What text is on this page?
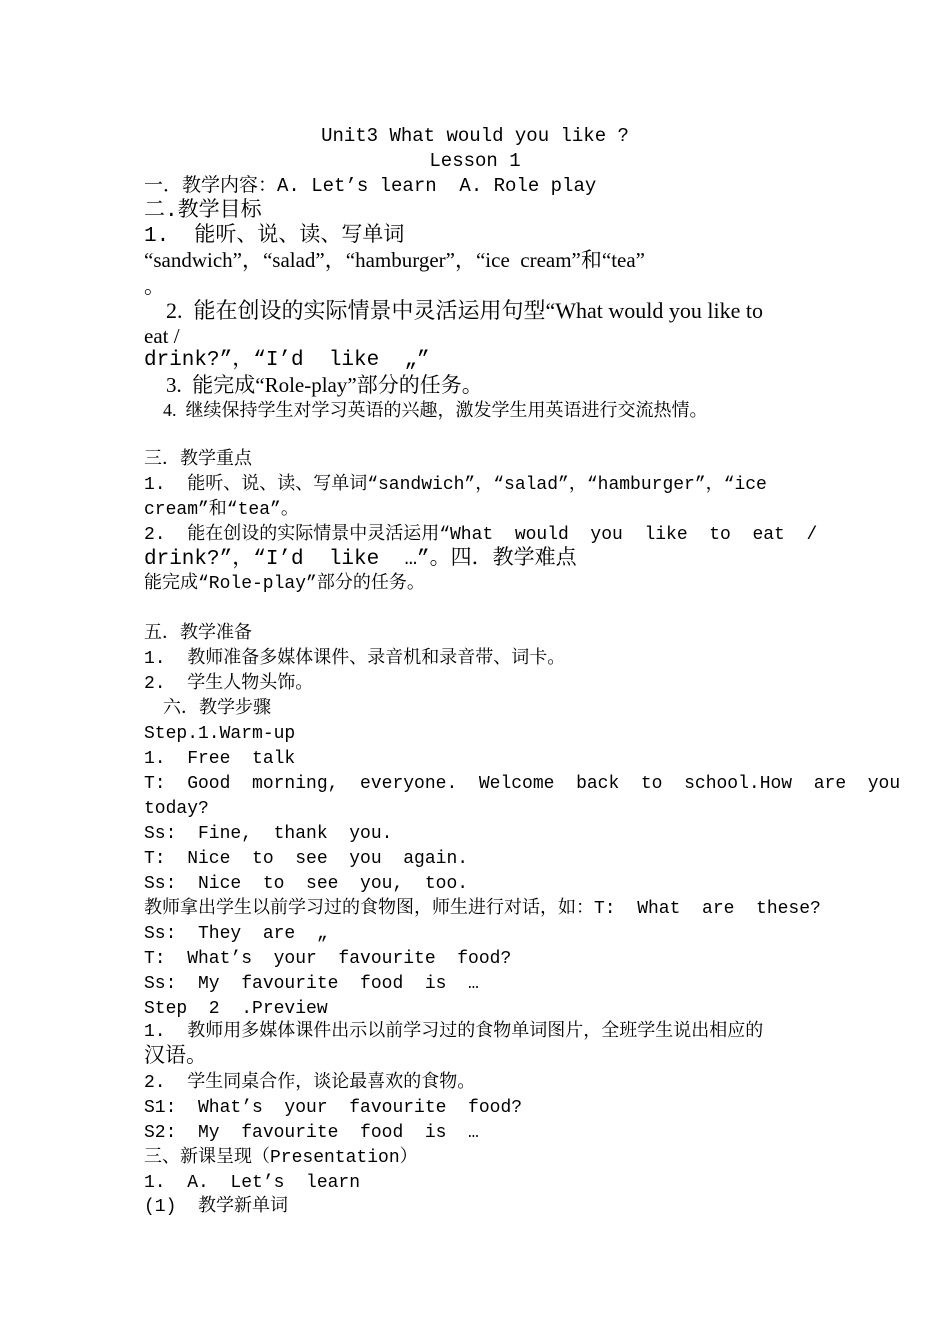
Unit3 What would you like ?
Lesson 1
一．教学内容：A. Let’s learn  A. Role play
二.教学目标
1.  能听、说、读、写单词
“sandwich”，“salad”，“hamburger”，“ice  cream”和“tea”
。
2.  能在创设的实际情景中灵活运用句型“What would you like to
eat /
drink?”，“I’d  like  „”
3.  能完成“Role-play”部分的任务。
4.  继续保持学生对学习英语的兴趣，激发学生用英语进行交流热情。
三．教学重点
1.  能听、说、读、写单词“sandwich”，“salad”，“hamburger”，“ice
cream”和“tea”。
2.  能在创设的实际情景中灵活运用“What  would  you  like  to  eat  /
drink?”，“I’d  like  …”。四．教学难点
能完成“Role-play”部分的任务。
五．教学准备
1.  教师准备多媒体课件、录音机和录音带、词卡。
2.  学生人物头饰。
六．教学步骤
Step.1.Warm-up
1.  Free  talk
T:  Good  morning,  everyone.  Welcome  back  to  school.How  are  you
today?
Ss:  Fine,  thank  you.
T:  Nice  to  see  you  again.
Ss:  Nice  to  see  you,  too.
教师拿出学生以前学习过的食物图，师生进行对话，如：T:  What  are  these?
Ss:  They  are  „
T:  What’s  your  favourite  food?
Ss:  My  favourite  food  is  …
Step  2  .Preview
1.  教师用多媒体课件出示以前学习过的食物单词图片，全班学生说出相应的
汉语。
2.  学生同桌合作，谈论最喜欢的食物。
S1:  What’s  your  favourite  food?
S2:  My  favourite  food  is  …
三、新课呈现（Presentation）
1.  A.  Let’s  learn
(1)  教学新单词
